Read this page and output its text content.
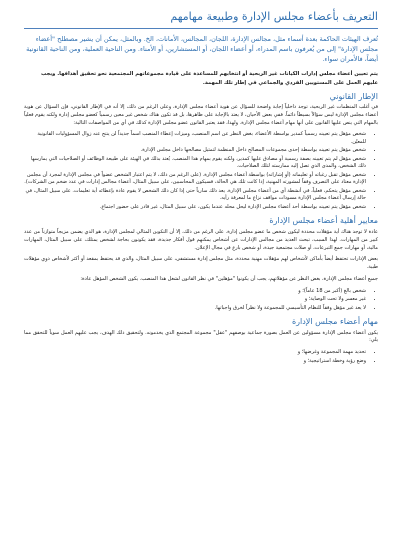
التعريف بأعضاء مجلس الإدارة وطبيعة مهامهم

تُعرف الهيئات الحاكمة بعدة أسماء مثل، مجالس الإدارة، اللجان، المجالس، الأمانات، الخ. وبالمثل، يمكن أن يشير مصطلح "أعضاء مجلس الإدارة" إلى من يُعرفون باسم المدراء، أو أعضاء اللجان، أو المستشارين، أو الأمناء. ومن الناحية العملية، ومن الناحية القانونية أيضاً، فالأمران سواء.

يتم تعيين أعضاء مجلس إدارات الكيانات غير الربحية أو انتخابهم للمساعدة على قيادة مجموعاتهم المجتمعية نحو تحقيق أهدافها. ويجب عليهم العمل على المستويين الفردي والجماعي في إطار تلك المهمة.

الإطار القانوني

في أغلب المنظمات غير الربحية، توجد داخلياً إجابة واضحة للسؤال عن هوية أعضاء مجلس الإدارة، وعلى الرغم من ذلك، إلا أنه في الإطار القانوني، فإن السؤال عن هوية أعضاء مجلس الإدارة ليس سؤالاً بسيطاً دائماً. ففي بعض الأحيان، لا يعتد بالإجابة على ظاهرها، بل قد تكون هناك شخص غير معين رسمياً كعضو مجلس إدارة ولكنه يقوم فعلياً بالمهام التي ينص عليها القانون على أنها مهام أعضاء مجلس الإدارة. ولهذا، فقد يعتبر القانون عضو مجلس الإدارة كذلك في أي من المواصفات التالية:

• شخص مؤهل يتم تعيينه رسمياً كمدير بواسطة الأعضاء، بغض النظر عن اسم المنصب، وميزات إعطاء المنصب اسماً جديداً لن ينتج عنه زوال المسؤوليات القانونية للمعيّن.
• شخص مؤهل يتم تعيينه بواسطة إحدى مجموعات المصالح داخل المنظمة لتمثيل مصالحها داخل مجلس الإدارة.
• شخص مؤهل لم يتم تعيينه بصفة رسمية أو مصادق عليها كمدير، ولكنه يقوم بمهام هذا المنصب. يُعتد بذلك في الهيئة على طبيعة الوظائف أو الصلاحيات التي يمارسها ذلك الشخص، والمدى الذي تصل إليه ممارسته لتلك الصلاحيات.
• شخص مؤهل تقبل رغباته أو تعليماته (أو إشاراته) بواسطة أعضاء مجلس الإدارة. (على الرغم من ذلك، لا يتم اعتبار الشخص عضواً في مجلس الإدارة لمجرد أن مجلس الإدارة معتاد على التصرف وفقاً لمشورته المهنية، إذا كانت تلك هي الحالة، فسيكون المحاسبين، على سبيل المثال، أعضاء مجالس إدارات في عدد ضخم من الشركات).
• شخص مؤهل يتحكم، فعلياً، في أنشطة أي من أعضاء مجلس الإدارة. يعد ذلك سارياً حتى إذا كان ذلك الشخص لا يقوم عادة بإعطائه أية تعليمات. على سبيل المثال، في حالة إرسال أعضاء مجلس الإدارة مسودات مواقف نزاع ما لمعرفة رأيه.
• شخص مؤهل يتم تعيينه بواسطة أحد أعضاء مجلس الإدارة ليحل محله عندما يكون، على سبيل المثال، غير قادر على حضور اجتماع.
معايير أهلية أعضاء مجلس الإدارة

عادة لا توجد هناك أية مؤهلات محددة ليكون شخص ما عضو مجلس إدارة. على الرغم من ذلك، إلا أن التكوين المثالي لمجلس الإدارة، هو الذي يضمن مزيجاً متوازناً من عدد كبير من المهارات. لهذا السبب، تبحث العديد من مجالس الإدارات عن أشخاص يمكنهم قول أفكار جديدة، فقد يكونون بحاجة لشخص يمتلك، على سبيل المثال، المهارات مالية، أو مهارات جمع التبرعات، أو صلات مجتمعية جيدة، أو شخص بارع في مجال الإعلان.

بعض الإدارات تحتفظ أيضاً بأماكن لأشخاص لهم مؤهلات مهنية محددة، مثل مجلس إدارة مستشفى، على سبيل المثال، والذي قد يحتفظ بمقعد أو أكثر لأشخاص ذوي مؤهلات طبية.

جميع أعضاء مجلس الإدارة، بغض النظر عن مؤهلاتهم، يجب أن يكونوا "مؤهلين" في نظر القانون لشغل هذا المنصب. يكون الشخص المؤهل عادة:

• شخص بالغ (أكبر من 18 عاماً)؛ و
• غير معسر ولا تحت الوصاية؛ و
• لا يعد غير مؤهل وفقاً للنظام التأسيسي للمجموعة ولا نظراً لخرق واجباتها.
مهام أعضاء مجلس الإدارة

يكون أعضاء مجلس الإدارة مسؤولين عن العمل بصورة جماعية بوصفهم "عقل" مجموعة المجتمع الذي يخدمونه. ولتحقيق ذلك الهدف، يجب عليهم العمل سوياً للتحقق مما يلي:

• تحديد مهمة المجموعة وغرضها؛ و
• وضع رؤية وخطة استراتيجية؛ و
